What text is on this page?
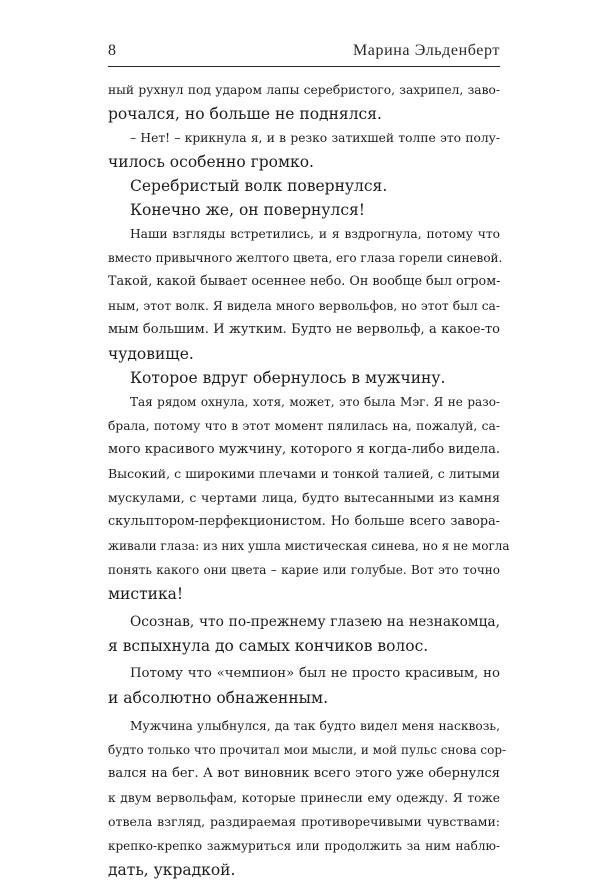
8	Марина Эльденберт
ный рухнул под ударом лапы серебристого, захрипел, заво-
рочался, но больше не поднялся.
– Нет! – крикнула я, и в резко затихшей толпе это полу-
чилось особенно громко.
Серебристый волк повернулся.
Конечно же, он повернулся!
Наши взгляды встретились, и я вздрогнула, потому что
вместо привычного желтого цвета, его глаза горели синевой.
Такой, какой бывает осеннее небо. Он вообще был огром-
ным, этот волк. Я видела много вервольфов, но этот был са-
мым большим. И жутким. Будто не вервольф, а какое-то
чудовище.
Которое вдруг обернулось в мужчину.
Тая рядом охнула, хотя, может, это была Мэг. Я не разо-
брала, потому что в этот момент пялилась на, пожалуй, са-
мого красивого мужчину, которого я когда-либо видела.
Высокий, с широкими плечами и тонкой талией, с литыми
мускулами, с чертами лица, будто вытесанными из камня
скульптором-перфекционистом. Но больше всего заворa-
живали глаза: из них ушла мистическая синева, но я не могла
понять какого они цвета – карие или голубые. Вот это точно
мистика!
Осознав, что по-прежнему глазею на незнакомца,
я вспыхнула до самых кончиков волос.
Потому что «чемпион» был не просто красивым, но
и абсолютно обнаженным.
Мужчина улыбнулся, да так будто видел меня насквозь,
будто только что прочитал мои мысли, и мой пульс снова сор-
вался на бег. А вот виновник всего этого уже обернулся
к двум вервольфам, которые принесли ему одежду. Я тоже
отвела взгляд, раздираемая противоречивыми чувствами:
крепко-крепко зажмуриться или продолжить за ним наблю-
дать, украдкой.
